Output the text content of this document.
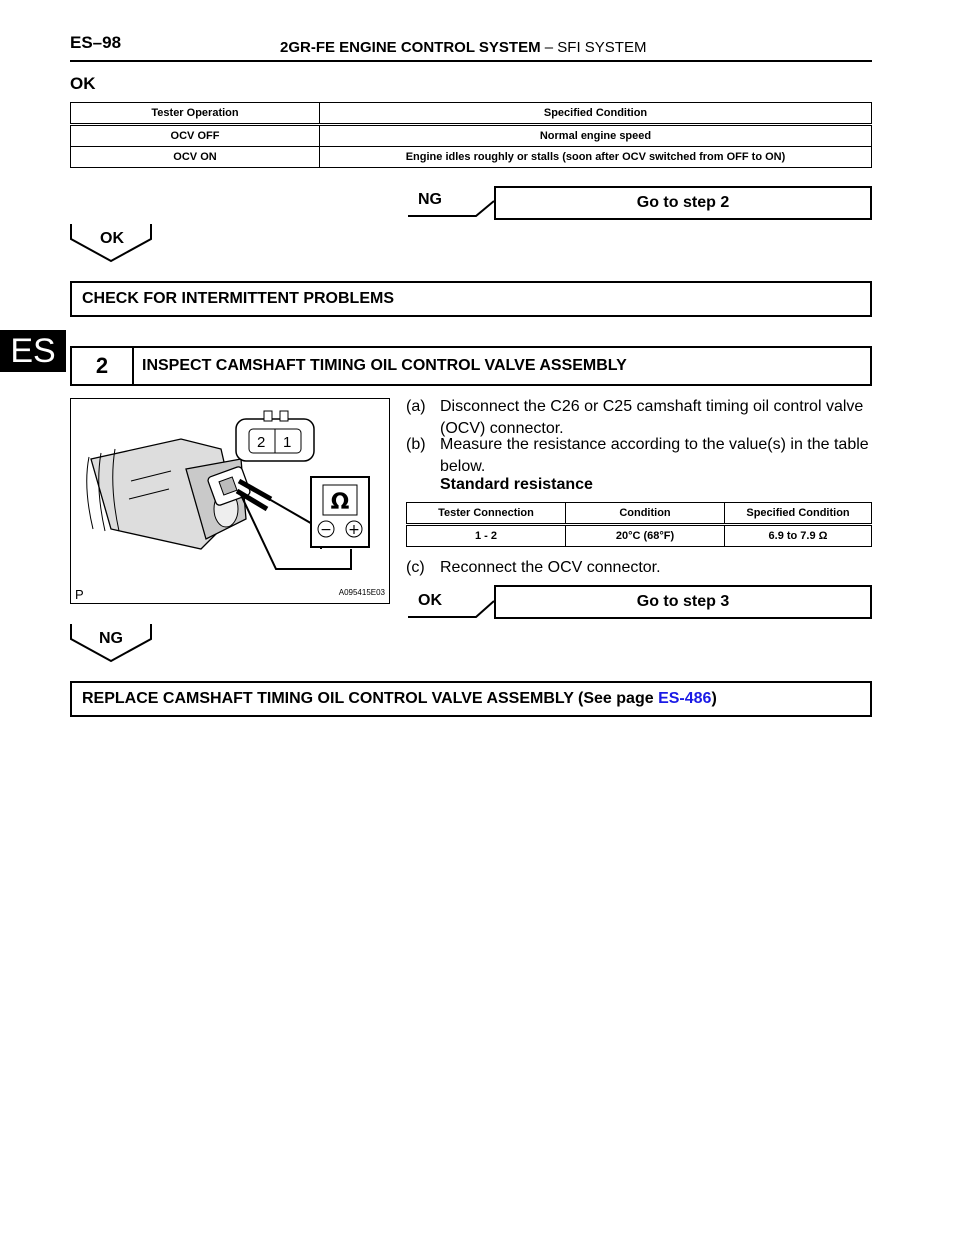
ES–98	2GR-FE ENGINE CONTROL SYSTEM – SFI SYSTEM
ES
OK
Tester Operation	Specified Condition
OCV OFF	Normal engine speed
OCV ON	Engine idles roughly or stalls (soon after OCV switched from OFF to ON)
NG	Go to step 2
OK
CHECK FOR INTERMITTENT PROBLEMS
2	INSPECT CAMSHAFT TIMING OIL CONTROL VALVE ASSEMBLY
2 1
Ω
− +
P	A095415E03
(a) Disconnect the C26 or C25 camshaft timing oil control valve (OCV) connector.
(b) Measure the resistance according to the value(s) in the table below.
Standard resistance
Tester Connection	Condition	Specified Condition
1 - 2	20°C (68°F)	6.9 to 7.9 Ω
(c) Reconnect the OCV connector.
OK	Go to step 3
NG
REPLACE CAMSHAFT TIMING OIL CONTROL VALVE ASSEMBLY (See page ES-486)
